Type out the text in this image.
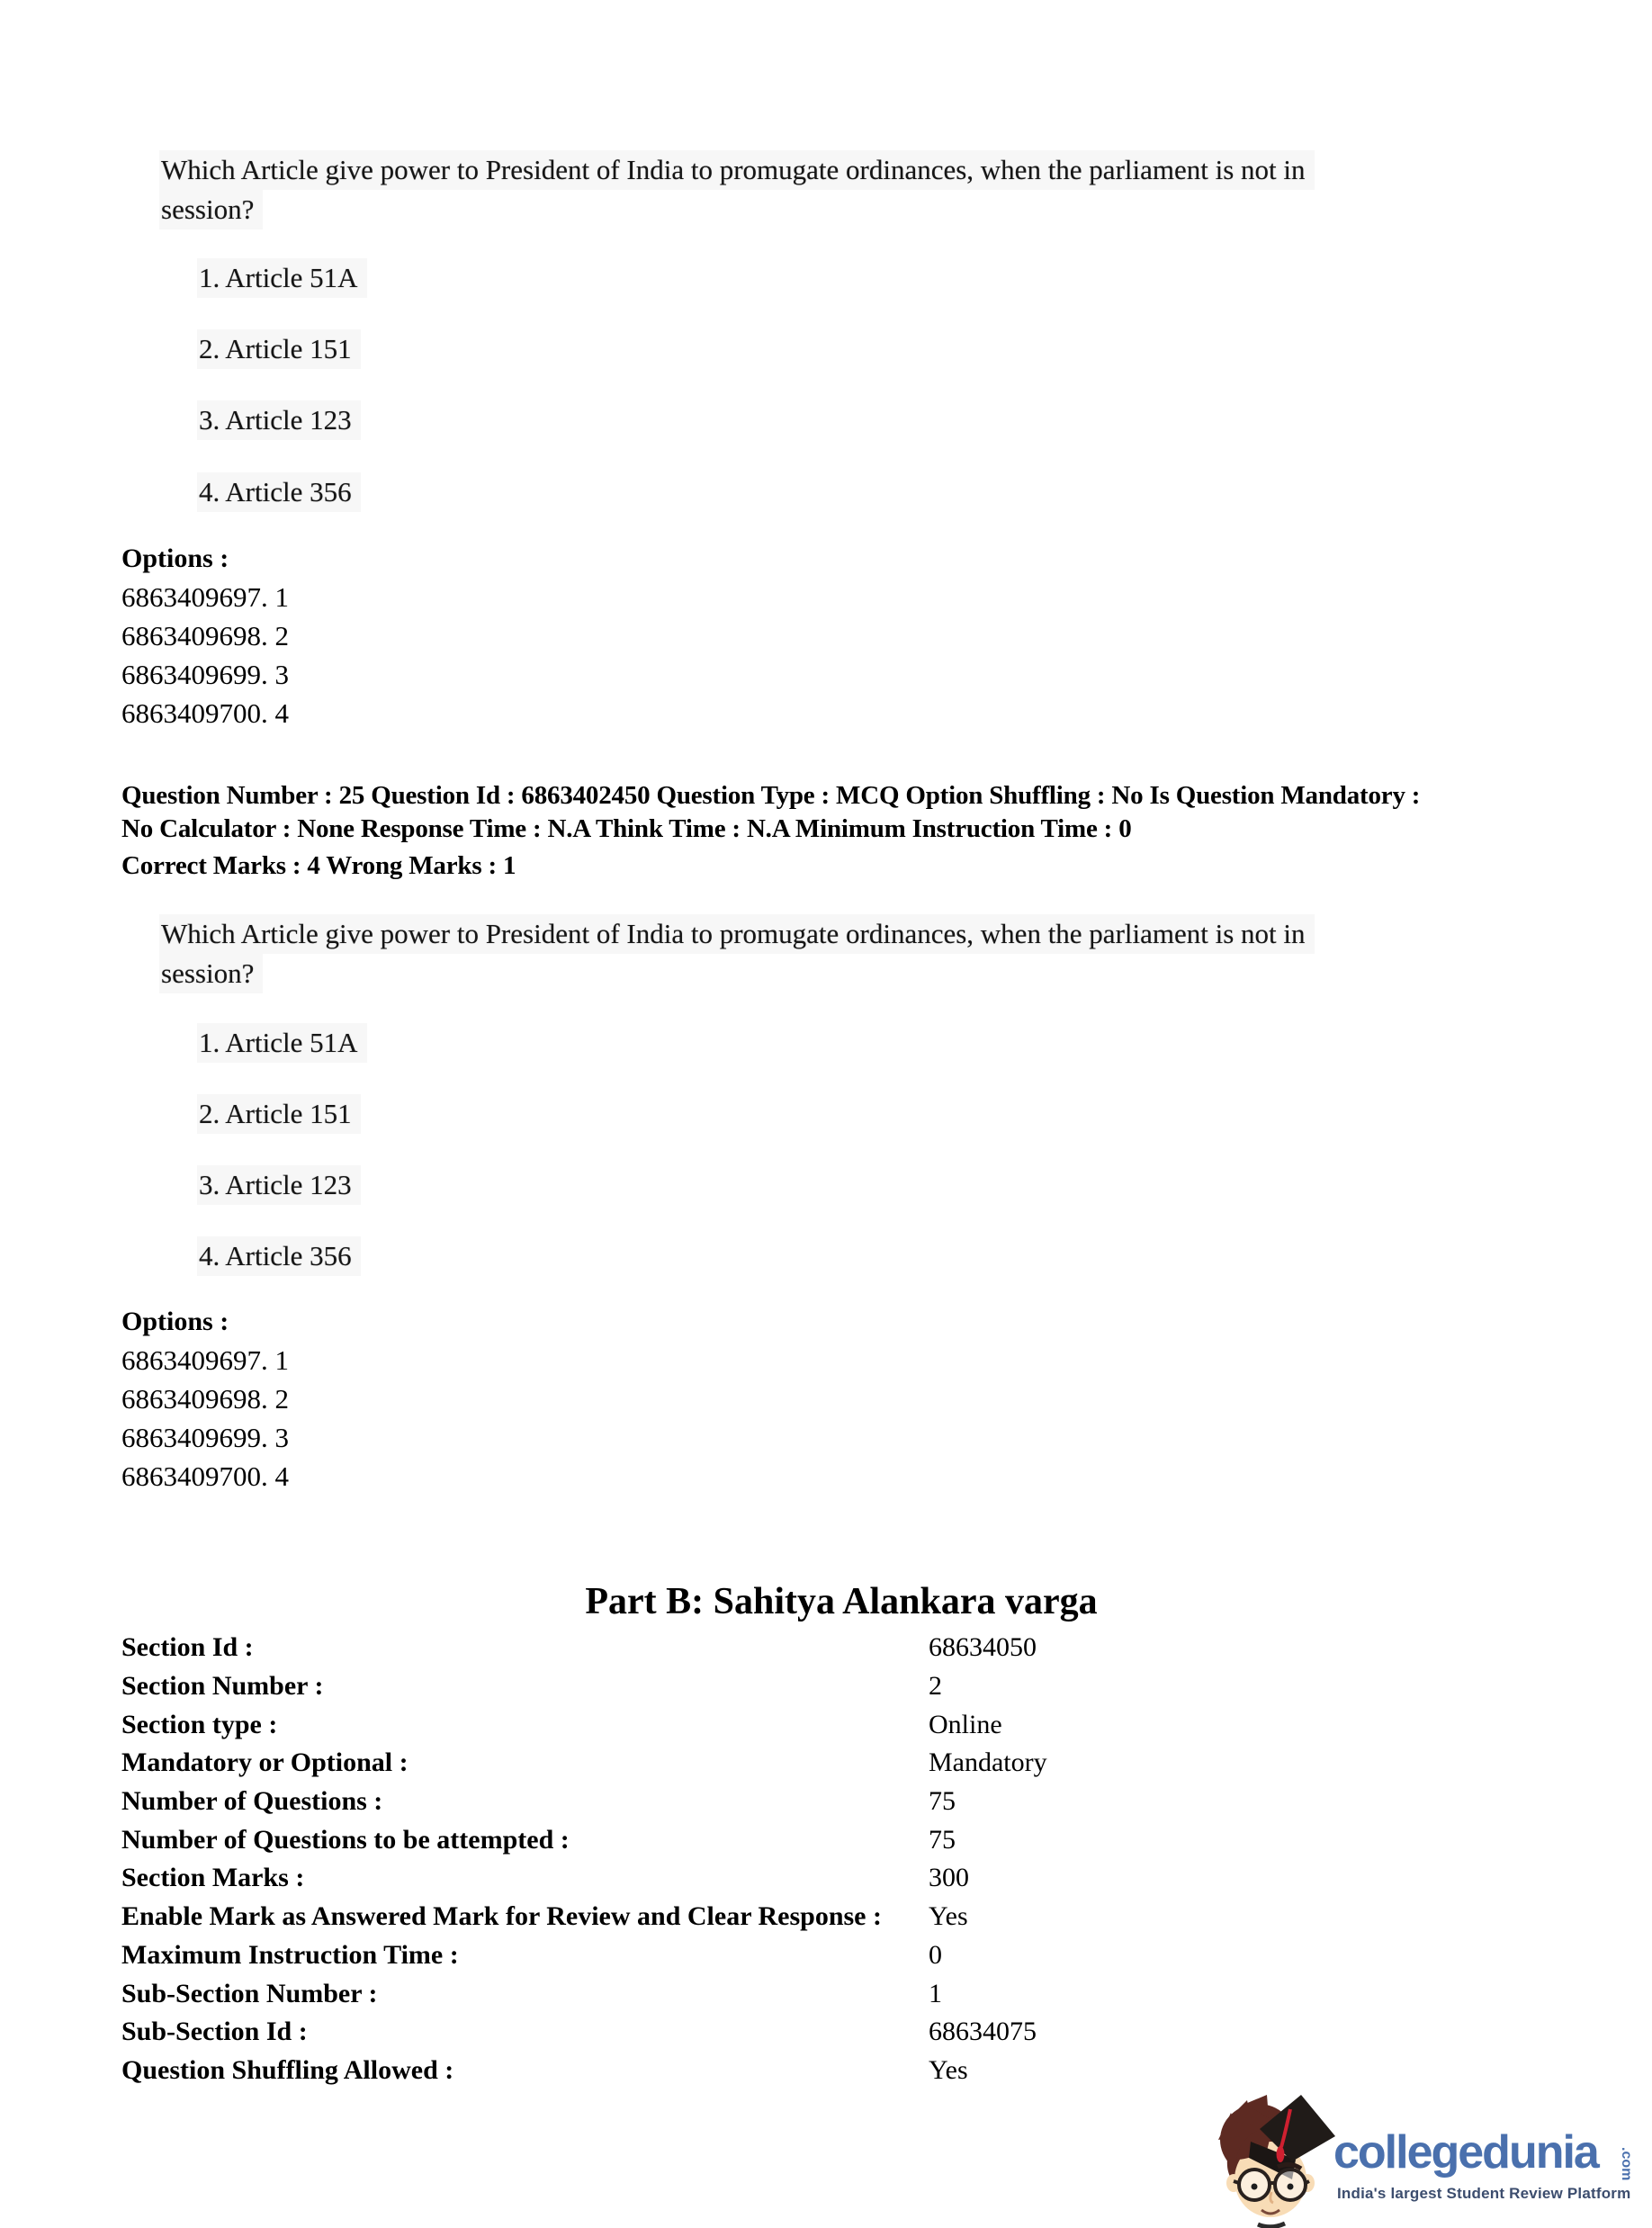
Which Article give power to President of India to promugate ordinances, when the parliament is not in
session?
1. Article 51A
2. Article 151
3. Article 123
4. Article 356
Options :
6863409697. 1
6863409698. 2
6863409699. 3
6863409700. 4
Question Number : 25 Question Id : 6863402450 Question Type : MCQ Option Shuffling : No Is Question Mandatory :
No Calculator : None Response Time : N.A Think Time : N.A Minimum Instruction Time : 0
Correct Marks : 4 Wrong Marks : 1
Which Article give power to President of India to promugate ordinances, when the parliament is not in
session?
1. Article 51A
2. Article 151
3. Article 123
4. Article 356
Options :
6863409697. 1
6863409698. 2
6863409699. 3
6863409700. 4
Part B: Sahitya Alankara varga
Section Id :	68634050
Section Number :	2
Section type :	Online
Mandatory or Optional :	Mandatory
Number of Questions :	75
Number of Questions to be attempted :	75
Section Marks :	300
Enable Mark as Answered Mark for Review and Clear Response :	Yes
Maximum Instruction Time :	0
Sub-Section Number :	1
Sub-Section Id :	68634075
Question Shuffling Allowed :	Yes
collegedunia .com
India's largest Student Review Platform
